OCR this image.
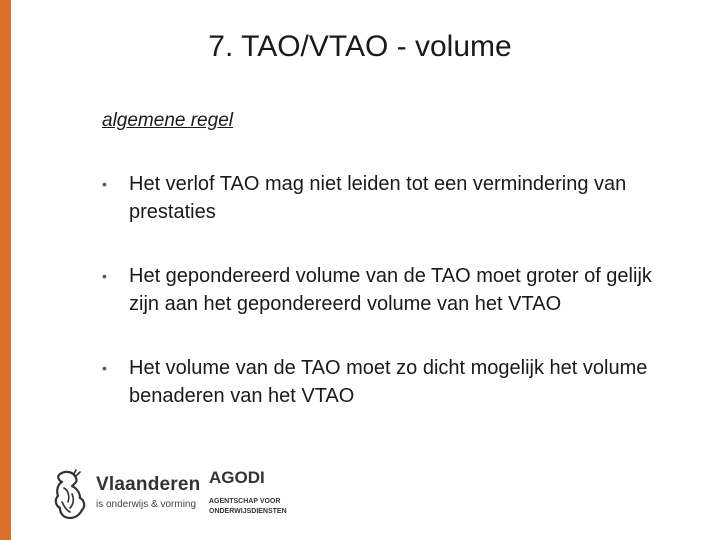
7. TAO/VTAO - volume
algemene regel
• Het verlof TAO mag niet leiden tot een vermindering van prestaties
• Het gepondereerd volume van de TAO moet groter of gelijk zijn aan het gepondereerd volume van het VTAO
• Het volume van de TAO moet zo dicht mogelijk het volume benaderen van het VTAO
Vlaanderen
is onderwijs & vorming
AGODI
AGENTSCHAP VOOR
ONDERWIJSDIENSTEN
